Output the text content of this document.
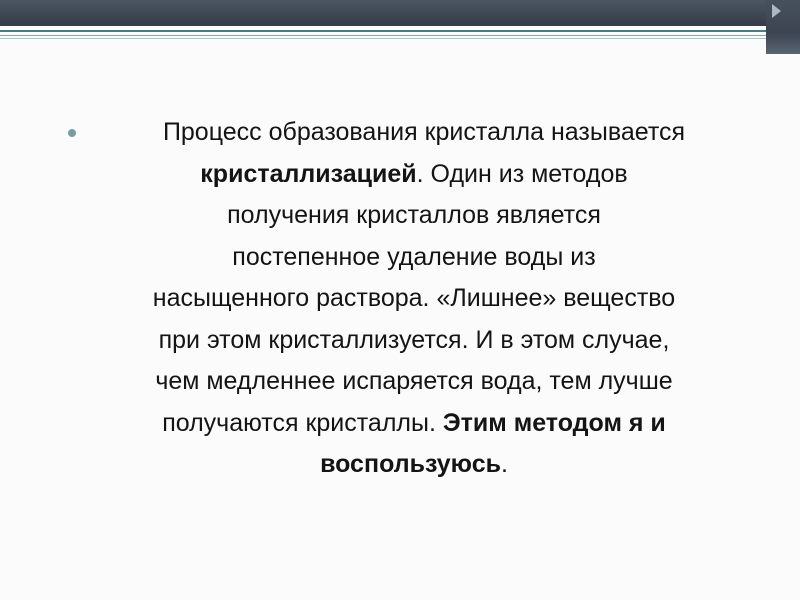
Процесс образования кристалла называется
кристаллизацией. Один из методов
получения кристаллов является
постепенное удаление воды из
насыщенного раствора. «Лишнее» вещество
при этом кристаллизуется. И в этом случае,
чем медленнее испаряется вода, тем лучше
получаются кристаллы. Этим методом я и
воспользуюсь.
